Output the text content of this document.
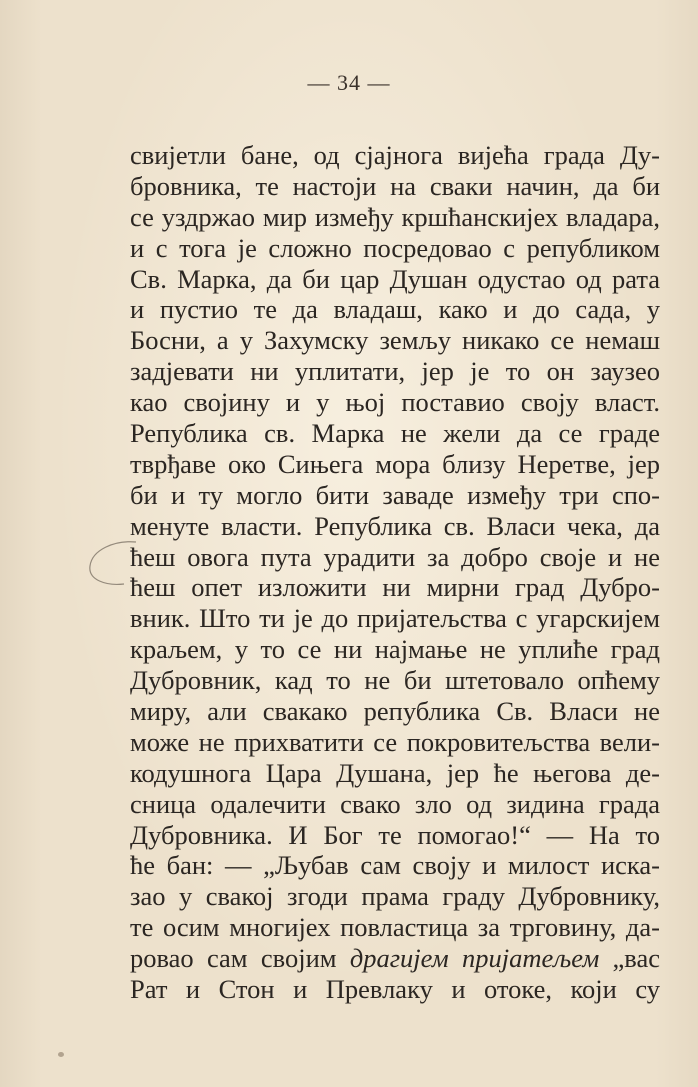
— 34 —
свијетли бане, од сјајнога вијећа града Ду-
бровника, те настоји на сваки начин, да би
се уздржао мир између кршћанскијех владара,
и с тога је сложно посредовао с републиком
Св. Марка, да би цар Душан одустао од рата
и пустио те да владаш, како и до сада, у
Босни, а у Захумску земљу никако се немаш
задјевати ни уплитати, јер је то он заузео
као својину и у њој поставио своју власт.
Република св. Марка не жели да се граде
тврђаве око Сињега мора близу Неретве, јер
би и ту могло бити заваде између три спо-
менуте власти. Република св. Власи чека, да
ћеш овога пута урадити за добро своје и не
ћеш опет изложити ни мирни град Дубро-
вник. Што ти је до пријатељства с угарскијем
краљем, у то се ни најмање не уплиће град
Дубровник, кад то не би штетовало опћему
миру, али свакако република Св. Власи не
може не прихватити се покровитељства вели-
кодушнога Цара Душана, јер ће његова де-
сница одалечити свако зло од зидина града
Дубровника. И Бог те помогао!“ — На то
ће бан: — „Љубав сам своју и милост иска-
зао у свакој згоди прама граду Дубровнику,
те осим многијех повластица за трговину, да-
ровао сам својим драгијем пријатељем „вас
Рат и Стон и Превлаку и отоке, који су
